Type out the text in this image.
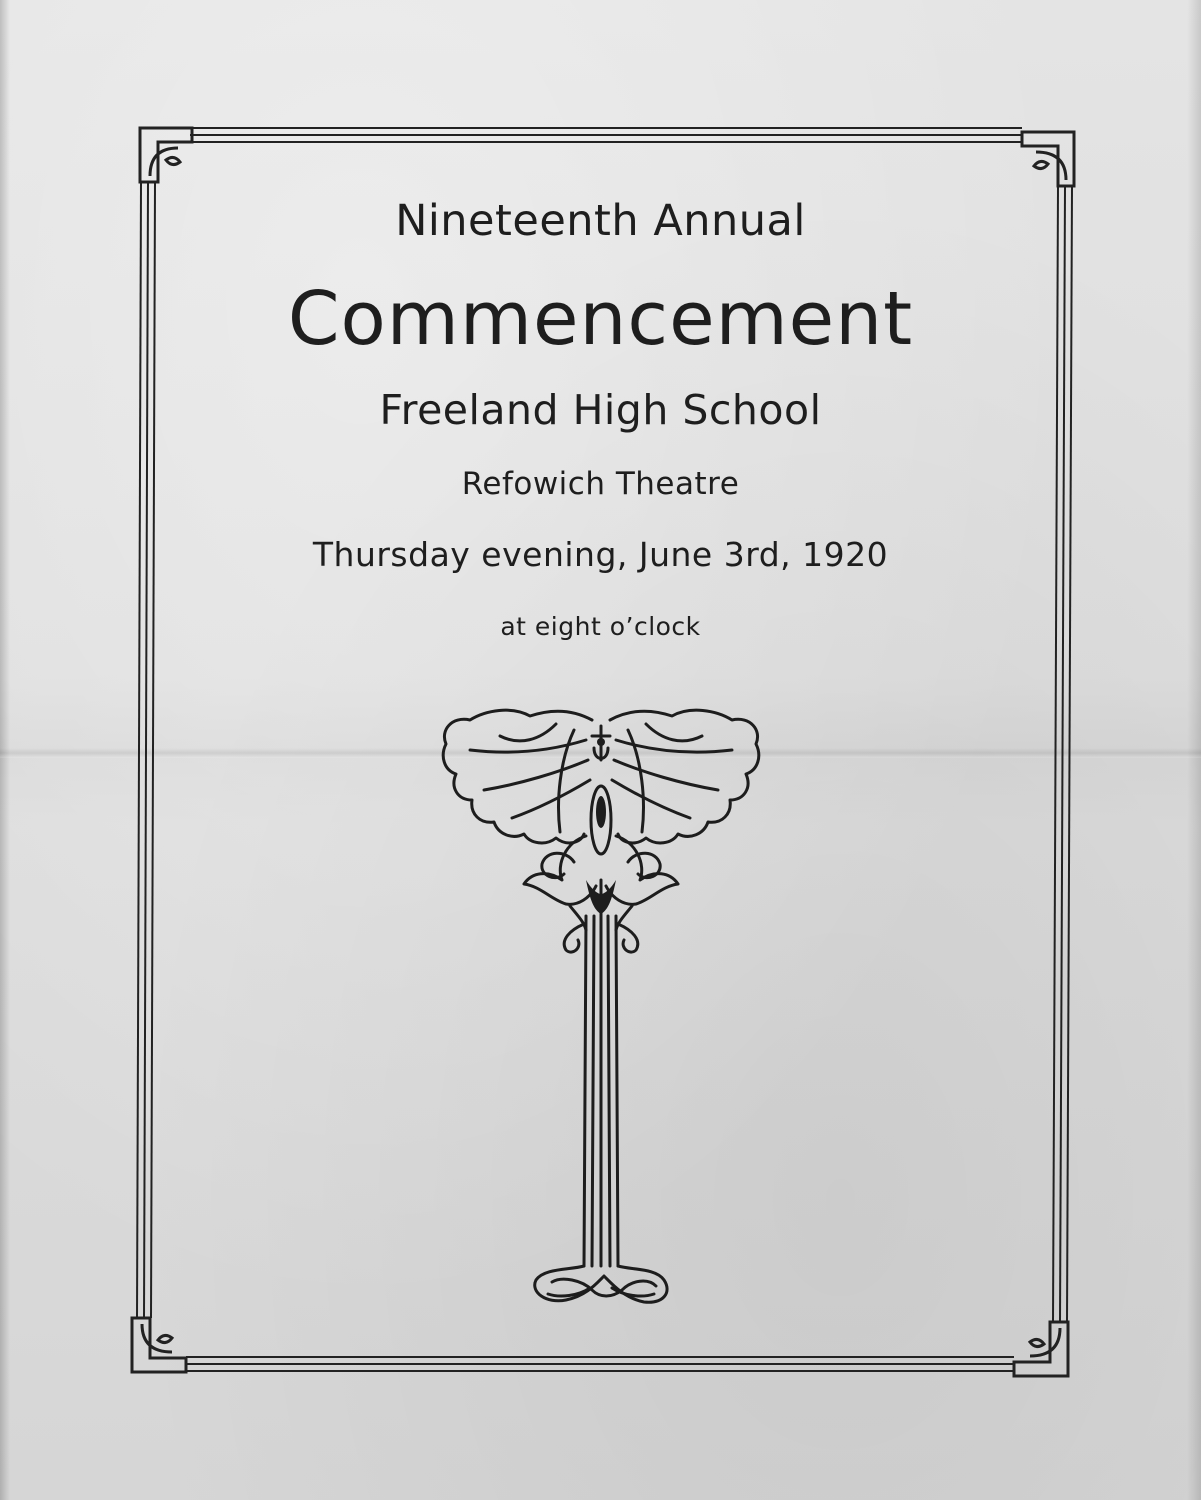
Nineteenth Annual
Commencement
Freeland High School
Refowich Theatre
Thursday evening, June 3rd, 1920
at eight o’clock
